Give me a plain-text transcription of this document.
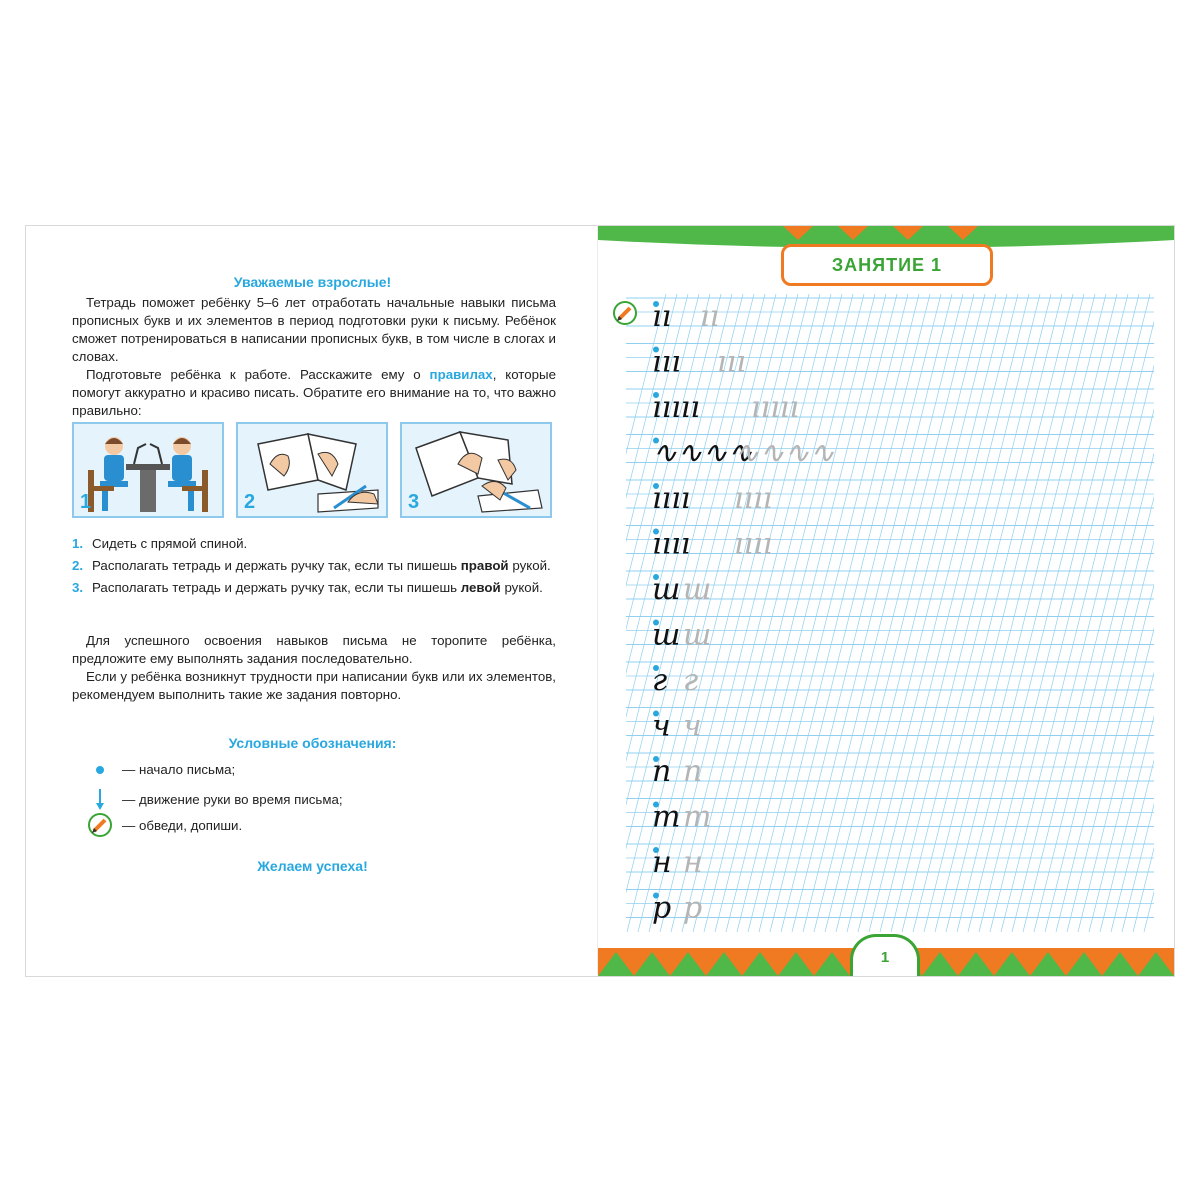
Уважаемые взрослые!

Тетрадь поможет ребёнку 5–6 лет отработать начальные навыки письма прописных букв и их элементов в период подготовки руки к письму. Ребёнок сможет потренироваться в написании прописных букв, в том числе в слогах и словах.

Подготовьте ребёнка к работе. Расскажите ему о правилах, которые помогут аккуратно и красиво писать. Обратите его внимание на то, что важно правильно:

1	2	3
1. Сидеть с прямой спиной.
2. Располагать тетрадь и держать ручку так, если ты пишешь правой рукой.
3. Располагать тетрадь и держать ручку так, если ты пишешь левой рукой.

Для успешного освоения навыков письма не торопите ребёнка, предложите ему выполнять задания последовательно.

Если у ребёнка возникнут трудности при написании букв или их элементов, рекомендуем выполнить такие же задания повторно.

Условные обозначения:
— начало письма;
— движение руки во время письма;
— обведи, допиши.
Желаем успеха!
ЗАНЯТИЕ 1
ıı ıı
ııı ııı
ııııı ııııı
∿∿∿∿
∿∿∿∿
ıııı ıııı
ıııı ıııı
ш ш
ш ш
г г
ч ч
п п
т т
н н
р р
1
